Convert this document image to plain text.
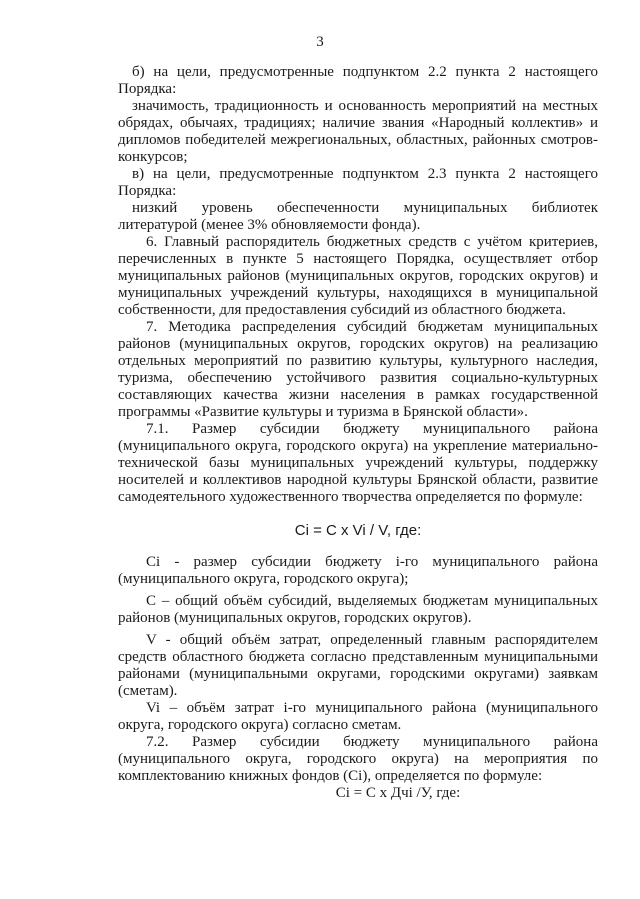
3

б) на цели, предусмотренные подпунктом 2.2 пункта 2 настоящего Порядка:

значимость, традиционность и основанность мероприятий на местных обрядах, обычаях, традициях; наличие звания «Народный коллектив» и дипломов победителей межрегиональных, областных, районных смотров-конкурсов;

в) на цели, предусмотренные подпунктом 2.3 пункта 2 настоящего Порядка:

низкий уровень обеспеченности муниципальных библиотек литературой (менее 3% обновляемости фонда).

6. Главный распорядитель бюджетных средств с учётом критериев, перечисленных в пункте 5 настоящего Порядка, осуществляет отбор муниципальных районов (муниципальных округов, городских округов) и муниципальных учреждений культуры, находящихся в муниципальной собственности, для предоставления субсидий из областного бюджета.

7. Методика распределения субсидий бюджетам муниципальных районов (муниципальных округов, городских округов) на реализацию отдельных мероприятий по развитию культуры, культурного наследия, туризма, обеспечению устойчивого развития социально-культурных составляющих качества жизни населения в рамках государственной программы «Развитие культуры и туризма в Брянской области».

7.1. Размер субсидии бюджету муниципального района (муниципального округа, городского округа) на укрепление материально-технической базы муниципальных учреждений культуры, поддержку носителей и коллективов народной культуры Брянской области, развитие самодеятельного художественного творчества определяется по формуле:

Ci = C x Vi / V, где:

Ci - размер субсидии бюджету i-го муниципального района (муниципального округа, городского округа);

C – общий объём субсидий, выделяемых бюджетам муниципальных районов (муниципальных округов, городских округов).

V - общий объём затрат, определенный главным распорядителем средств областного бюджета согласно представленным муниципальными районами (муниципальными округами, городскими округами) заявкам (сметам).

Vi – объём затрат i-го муниципального района (муниципального округа, городского округа) согласно сметам.

7.2. Размер субсидии бюджету муниципального района (муниципального округа, городского округа) на мероприятия по комплектованию книжных фондов (Ci), определяется по формуле:

Ci = C x Дчi /У, где:
